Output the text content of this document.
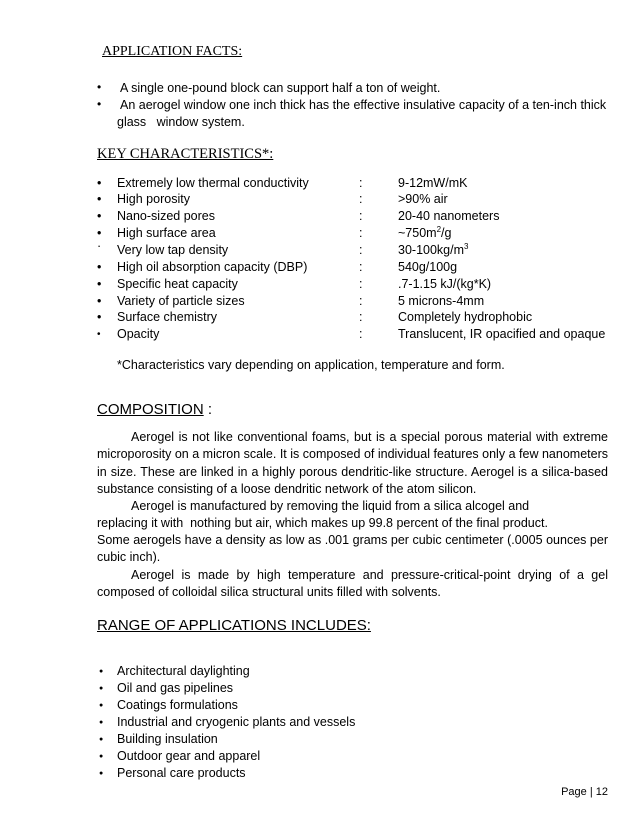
APPLICATION FACTS:
• A single one-pound block can support half a ton of weight.
• An aerogel window one inch thick has the effective insulative capacity of a ten-inch thick
glass   window system.
KEY CHARACTERISTICS*:
• Extremely low thermal conductivity	:	9-12mW/mK
• High porosity	:	>90% air
• Nano-sized pores	:	20-40 nanometers
• High surface area	:	$\sim 750m^2/g$
· Very low tap density	:	$30-100kg/m^3$
• High oil absorption capacity (DBP)	:	540g/100g
• Specific heat capacity	:	.7-1.15 kJ/(kg*K)
• Variety of particle sizes	:	5 microns-4mm
• Surface chemistry	:	Completely hydrophobic
• Opacity	:	Translucent, IR opacified and opaque
*Characteristics vary depending on application, temperature and form.
COMPOSITION :
Aerogel is not like conventional foams, but is a special porous material with extreme microporosity on a micron scale. It is composed of individual features only a few nanometers in size. These are linked in a highly porous dendritic-like structure. Aerogel is a silica-based substance consisting of a loose dendritic network of the atom silicon.
Aerogel is manufactured by removing the liquid from a silica alcogel and
replacing it with  nothing but air, which makes up 99.8 percent of the final product.
Some aerogels have a density as low as .001 grams per cubic centimeter (.0005 ounces per cubic inch).
Aerogel is made by high temperature and pressure-critical-point drying of a gel composed of colloidal silica structural units filled with solvents.
RANGE OF APPLICATIONS INCLUDES:
● Architectural daylighting
● Oil and gas pipelines
● Coatings formulations
● Industrial and cryogenic plants and vessels
● Building insulation
● Outdoor gear and apparel
● Personal care products
Page | 12
